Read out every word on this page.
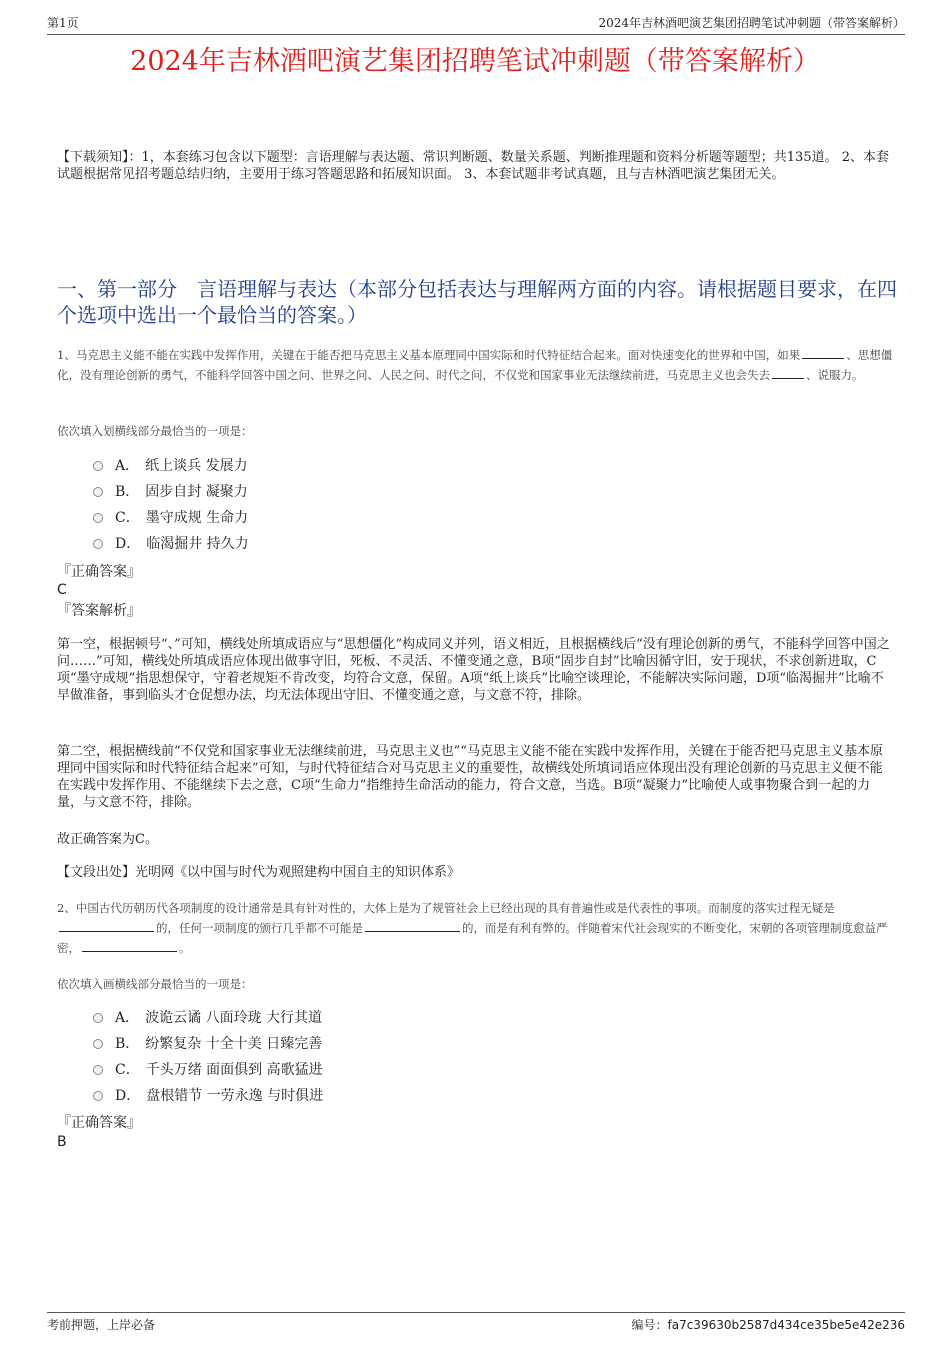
第1页	2024年吉林酒吧演艺集团招聘笔试冲刺题（带答案解析）
2024年吉林酒吧演艺集团招聘笔试冲刺题（带答案解析）
【下载须知】：1，本套练习包含以下题型：言语理解与表达题、常识判断题、数量关系题、判断推理题和资料分析题等题型；共135道。 2、本套试题根据常见招考题总结归纳，主要用于练习答题思路和拓展知识面。 3、本套试题非考试真题，且与吉林酒吧演艺集团无关。
一、第一部分　言语理解与表达（本部分包括表达与理解两方面的内容。请根据题目要求，在四个选项中选出一个最恰当的答案。）
1、马克思主义能不能在实践中发挥作用，关键在于能否把马克思主义基本原理同中国实际和时代特征结合起来。面对快速变化的世界和中国，如果	、思想僵化，没有理论创新的勇气，不能科学回答中国之问、世界之问、人民之问、时代之问，不仅党和国家事业无法继续前进，马克思主义也会失去	、说服力。
依次填入划横线部分最恰当的一项是：
A． 纸上谈兵 发展力
B． 固步自封 凝聚力
C． 墨守成规 生命力
D． 临渴掘井 持久力
『正确答案』
C
『答案解析』
第一空，根据顿号“、”可知，横线处所填成语应与“思想僵化”构成同义并列，语义相近，且根据横线后“没有理论创新的勇气，不能科学回答中国之问……”可知，横线处所填成语应体现出做事守旧，死板、不灵活、不懂变通之意，B项“固步自封”比喻因循守旧，安于现状，不求创新进取，C项“墨守成规”指思想保守，守着老规矩不肯改变，均符合文意，保留。A项“纸上谈兵”比喻空谈理论，不能解决实际问题，D项“临渴掘井”比喻不早做准备，事到临头才仓促想办法，均无法体现出守旧、不懂变通之意，与文意不符，排除。
第二空，根据横线前“不仅党和国家事业无法继续前进，马克思主义也”“马克思主义能不能在实践中发挥作用，关键在于能否把马克思主义基本原理同中国实际和时代特征结合起来”可知，与时代特征结合对马克思主义的重要性，故横线处所填词语应体现出没有理论创新的马克思主义便不能在实践中发挥作用、不能继续下去之意，C项“生命力”指维持生命活动的能力，符合文意，当选。B项“凝聚力”比喻使人或事物聚合到一起的力量，与文意不符，排除。
故正确答案为C。
【文段出处】光明网《以中国与时代为观照建构中国自主的知识体系》
2、中国古代历朝历代各项制度的设计通常是具有针对性的，大体上是为了规管社会上已经出现的具有普遍性或是代表性的事项。而制度的落实过程无疑是的，任何一项制度的颁行几乎都不可能是	的，而是有利有弊的。伴随着宋代社会现实的不断变化，宋朝的各项管理制度愈益严密，	。
依次填入画横线部分最恰当的一项是：
A． 波诡云谲 八面玲珑 大行其道
B． 纷繁复杂 十全十美 日臻完善
C． 千头万绪 面面俱到 高歌猛进
D． 盘根错节 一劳永逸 与时俱进
『正确答案』
B
考前押题，上岸必备	编号：fa7c39630b2587d434ce35be5e42e236
